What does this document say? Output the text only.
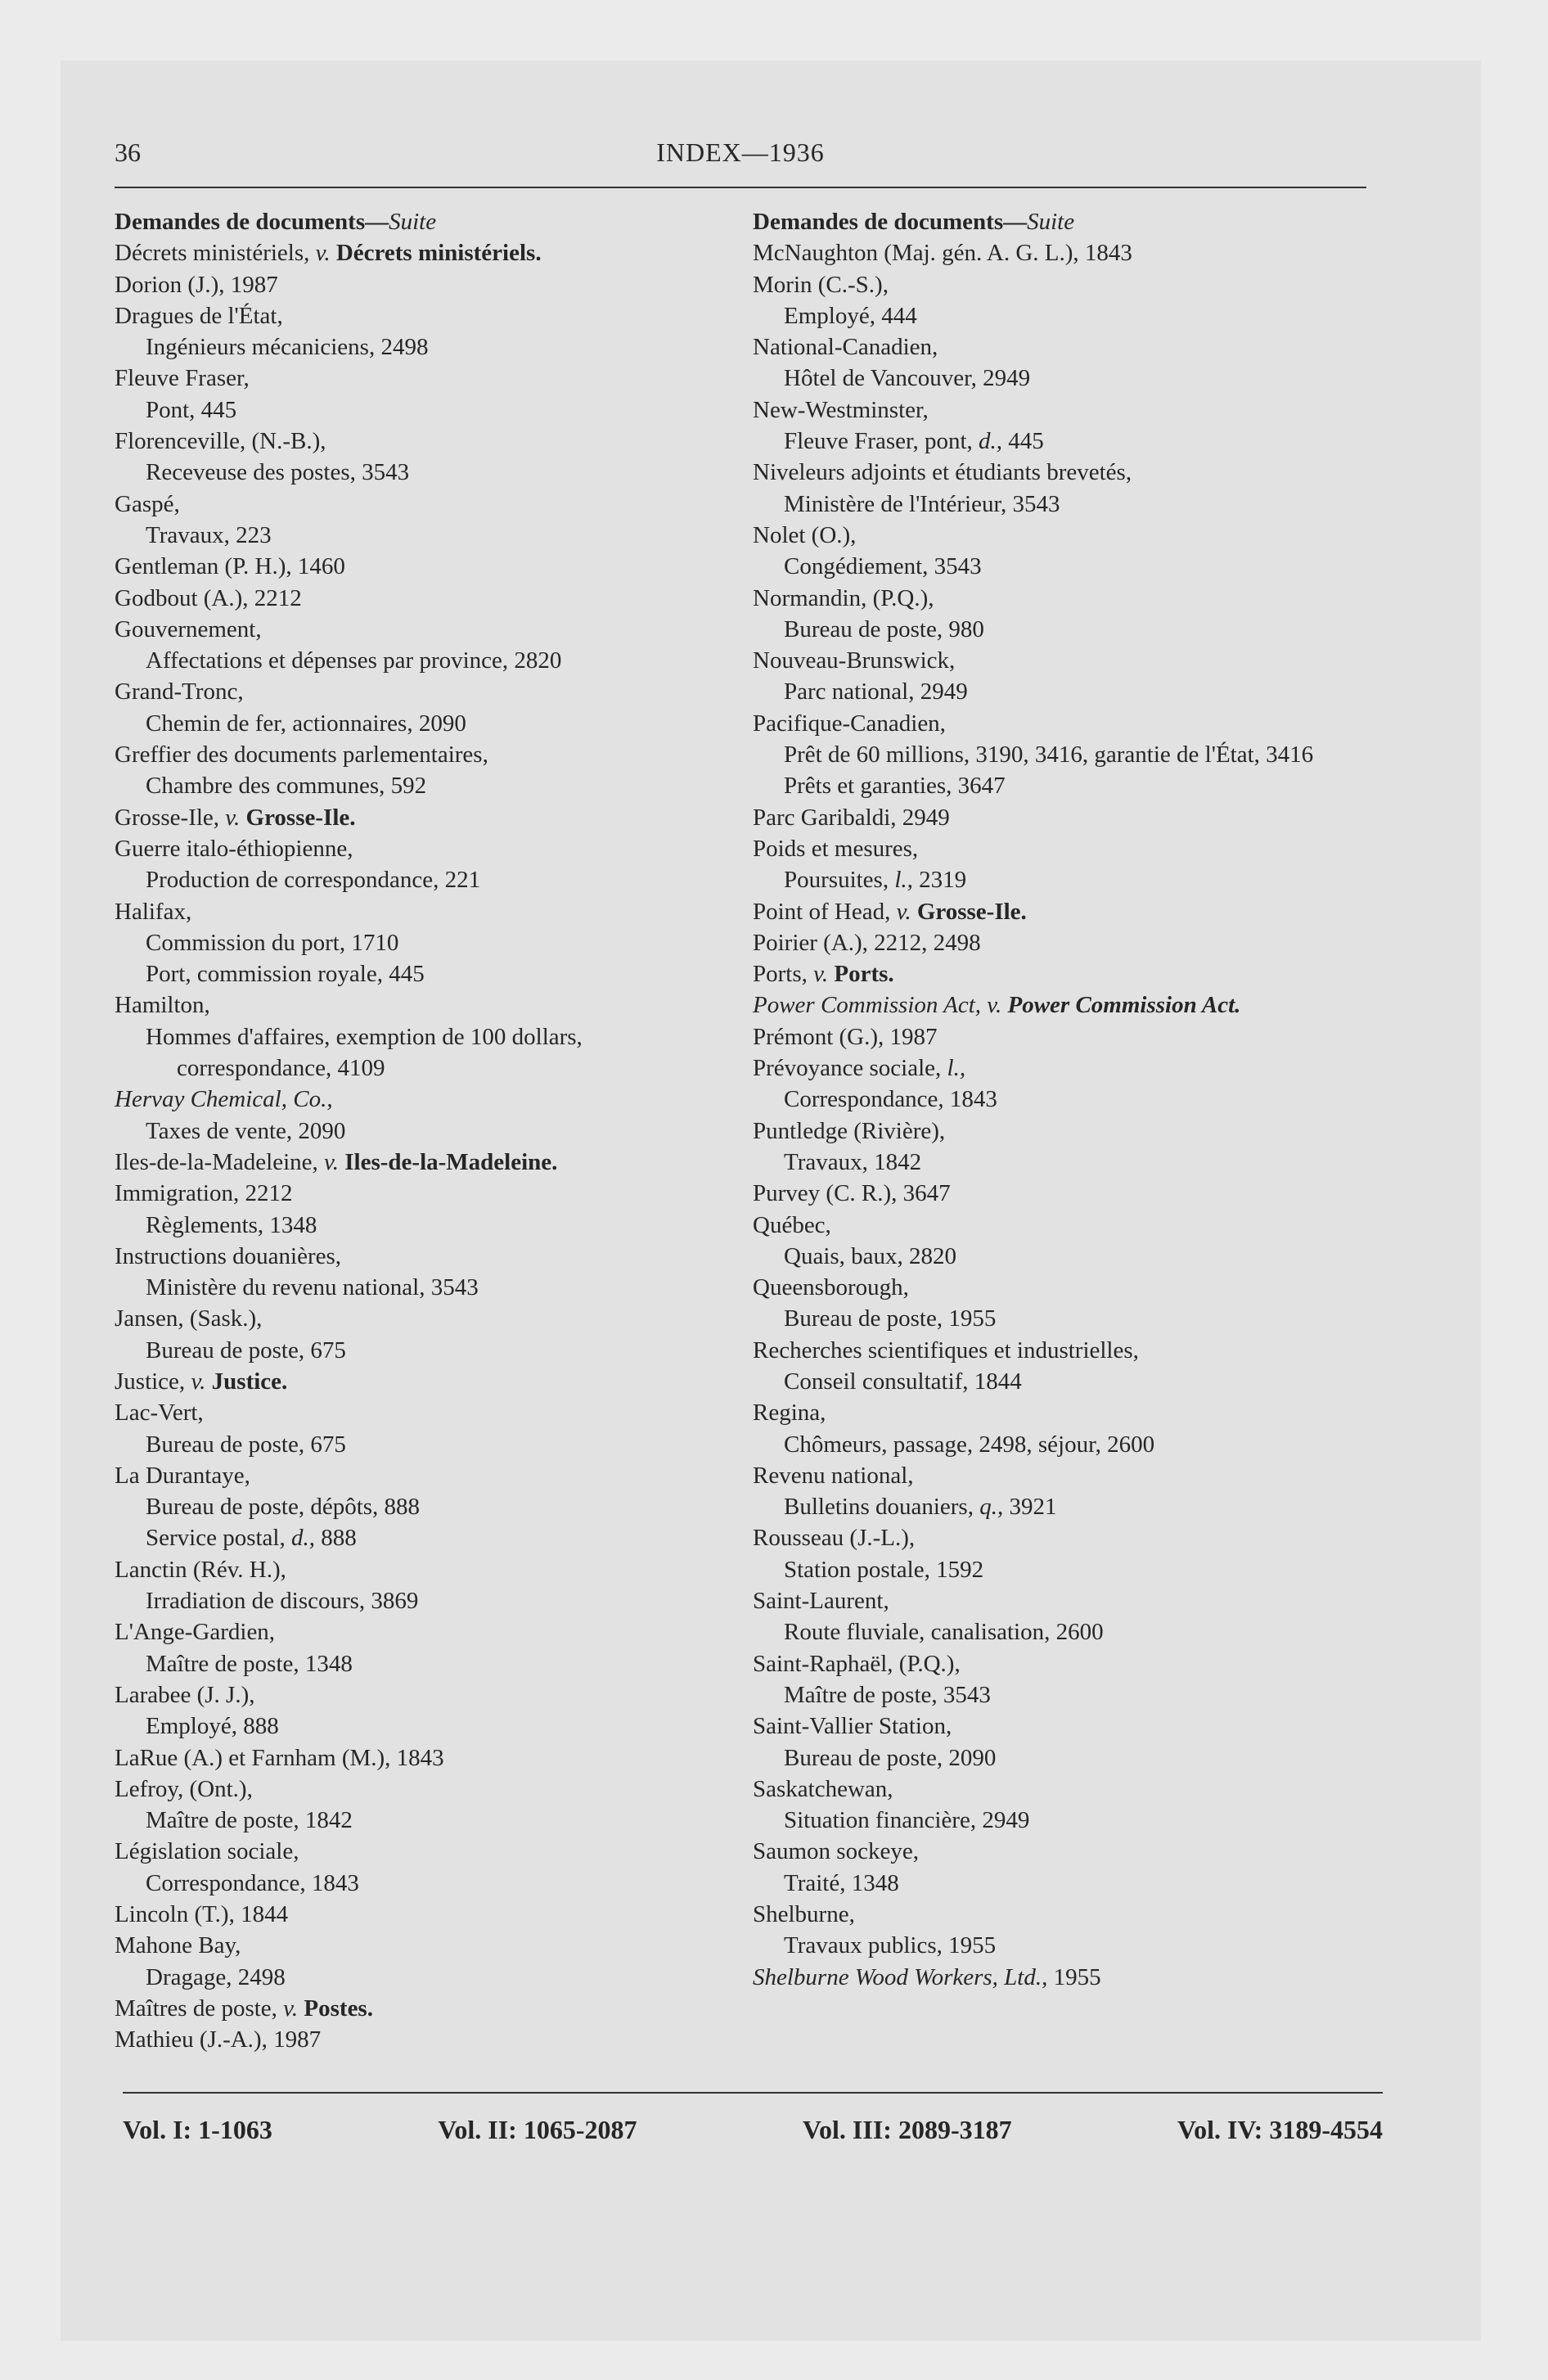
36	INDEX—1936

Demandes de documents—Suite

Décrets ministériels, v. Décrets ministériels.

Dorion (J.), 1987

Dragues de l'État,

Ingénieurs mécaniciens, 2498

Fleuve Fraser,

Pont, 445

Florenceville, (N.-B.),

Receveuse des postes, 3543

Gaspé,

Travaux, 223

Gentleman (P. H.), 1460

Godbout (A.), 2212

Gouvernement,

Affectations et dépenses par province, 2820

Grand-Tronc,

Chemin de fer, actionnaires, 2090

Greffier des documents parlementaires,

Chambre des communes, 592

Grosse-Ile, v. Grosse-Ile.

Guerre italo-éthiopienne,

Production de correspondance, 221

Halifax,

Commission du port, 1710

Port, commission royale, 445

Hamilton,

Hommes d'affaires, exemption de 100 dollars, correspondance, 4109

Hervay Chemical, Co.,

Taxes de vente, 2090

Iles-de-la-Madeleine, v. Iles-de-la-Madeleine.

Immigration, 2212

Règlements, 1348

Instructions douanières,

Ministère du revenu national, 3543

Jansen, (Sask.),

Bureau de poste, 675

Justice, v. Justice.

Lac-Vert,

Bureau de poste, 675

La Durantaye,

Bureau de poste, dépôts, 888

Service postal, d., 888

Lanctin (Rév. H.),

Irradiation de discours, 3869

L'Ange-Gardien,

Maître de poste, 1348

Larabee (J. J.),

Employé, 888

LaRue (A.) et Farnham (M.), 1843

Lefroy, (Ont.),

Maître de poste, 1842

Législation sociale,

Correspondance, 1843

Lincoln (T.), 1844

Mahone Bay,

Dragage, 2498

Maîtres de poste, v. Postes.

Mathieu (J.-A.), 1987

Demandes de documents—Suite

McNaughton (Maj. gén. A. G. L.), 1843

Morin (C.-S.),

Employé, 444

National-Canadien,

Hôtel de Vancouver, 2949

New-Westminster,

Fleuve Fraser, pont, d., 445

Niveleurs adjoints et étudiants brevetés,

Ministère de l'Intérieur, 3543

Nolet (O.),

Congédiement, 3543

Normandin, (P.Q.),

Bureau de poste, 980

Nouveau-Brunswick,

Parc national, 2949

Pacifique-Canadien,

Prêt de 60 millions, 3190, 3416, garantie de l'État, 3416

Prêts et garanties, 3647

Parc Garibaldi, 2949

Poids et mesures,

Poursuites, l., 2319

Point of Head, v. Grosse-Ile.

Poirier (A.), 2212, 2498

Ports, v. Ports.

Power Commission Act, v. Power Commission Act.

Prémont (G.), 1987

Prévoyance sociale, l.,

Correspondance, 1843

Puntledge (Rivière),

Travaux, 1842

Purvey (C. R.), 3647

Québec,

Quais, baux, 2820

Queensborough,

Bureau de poste, 1955

Recherches scientifiques et industrielles,

Conseil consultatif, 1844

Regina,

Chômeurs, passage, 2498, séjour, 2600

Revenu national,

Bulletins douaniers, q., 3921

Rousseau (J.-L.),

Station postale, 1592

Saint-Laurent,

Route fluviale, canalisation, 2600

Saint-Raphaël, (P.Q.),

Maître de poste, 3543

Saint-Vallier Station,

Bureau de poste, 2090

Saskatchewan,

Situation financière, 2949

Saumon sockeye,

Traité, 1348

Shelburne,

Travaux publics, 1955

Shelburne Wood Workers, Ltd., 1955

Vol. I: 1-1063	Vol. II: 1065-2087	Vol. III: 2089-3187	Vol. IV: 3189-4554
